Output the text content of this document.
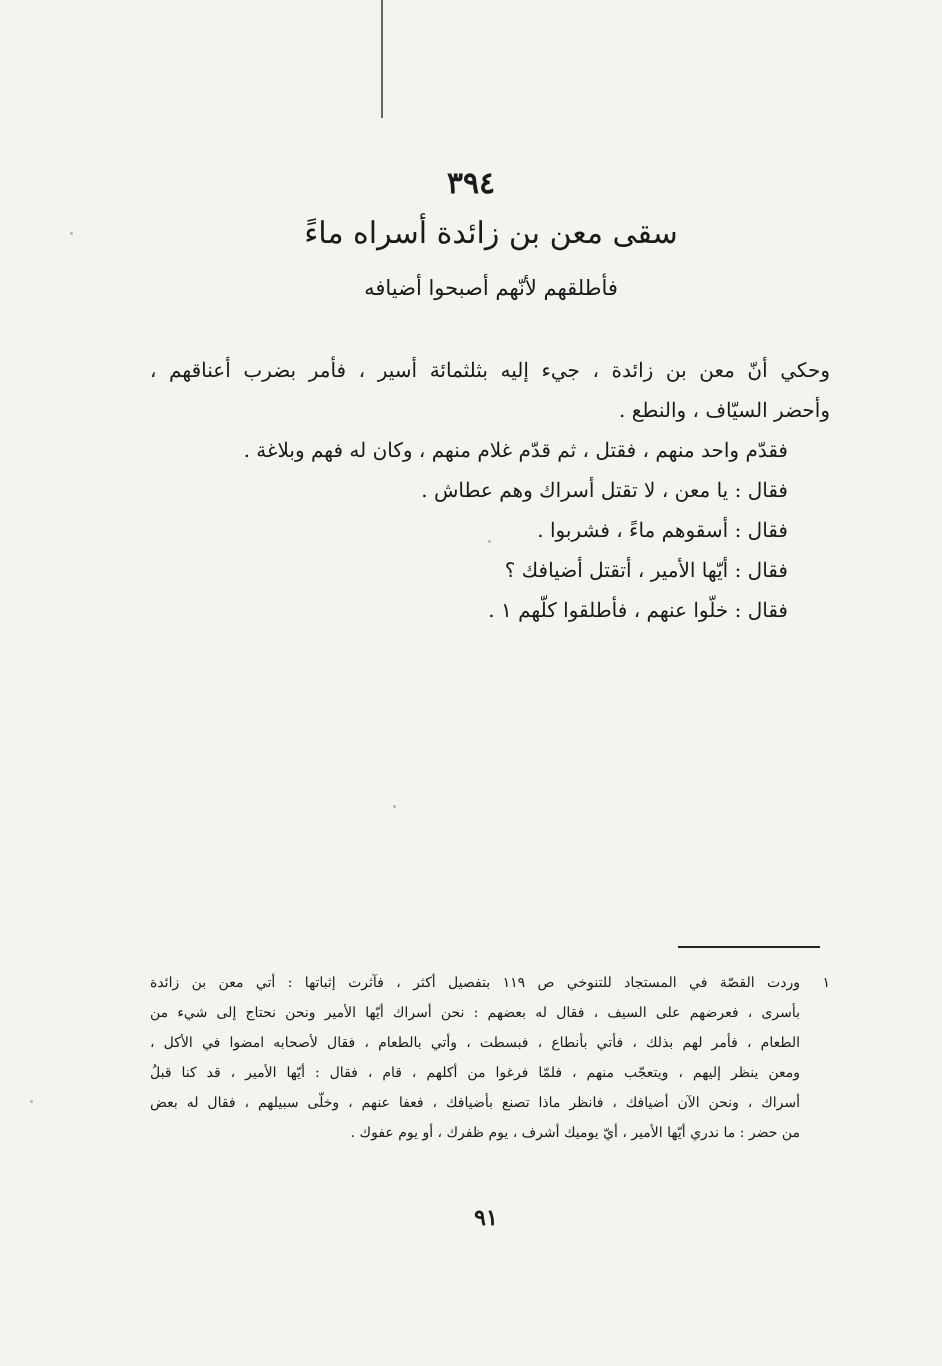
٣٩٤
سقى معن بن زائدة أسراه ماءً
فأطلقهم لأنّهم أصبحوا أضيافه
وحكي أنّ معن بن زائدة ، جيء إليه بثلثمائة أسير ، فأمر بضرب أعناقهم ،
وأحضر السيّاف ، والنطع .
فقدّم واحد منهم ، فقتل ، ثم قدّم غلام منهم ، وكان له فهم وبلاغة .
فقال : يا معن ، لا تقتل أسراك وهم عطاش .
فقال : أسقوهم ماءً ، فشربوا .
فقال : أيّها الأمير ، أتقتل أضيافك ؟
فقال : خلّوا عنهم ، فأطلقوا كلّهم ١ .
١
وردت القصّة في المستجاد للتنوخي ص ١١٩ بتفصيل أكثر ، فآثرت إثباتها : أتي معن بن زائدة
بأسرى ، فعرضهم على السيف ، فقال له بعضهم : نحن أسراك أيّها الأمير ونحن نحتاج إلى شيء من
الطعام ، فأمر لهم بذلك ، فأتي بأنطاع ، فبسطت ، وأتي بالطعام ، فقال لأصحابه امضوا في الأكل ،
ومعن ينظر إليهم ، ويتعجّب منهم ، فلمّا فرغوا من أكلهم ، قام ، فقال : أيّها الأمير ، قد كنا قبلُ
أسراك ، ونحن الآن أضيافك ، فانظر ماذا تصنع بأضيافك ، فعفا عنهم ، وخلّى سبيلهم ، فقال له بعض
من حضر : ما ندري أيّها الأمير ، أيّ يوميك أشرف ، يوم ظفرك ، أو يوم عفوك .
٩١
